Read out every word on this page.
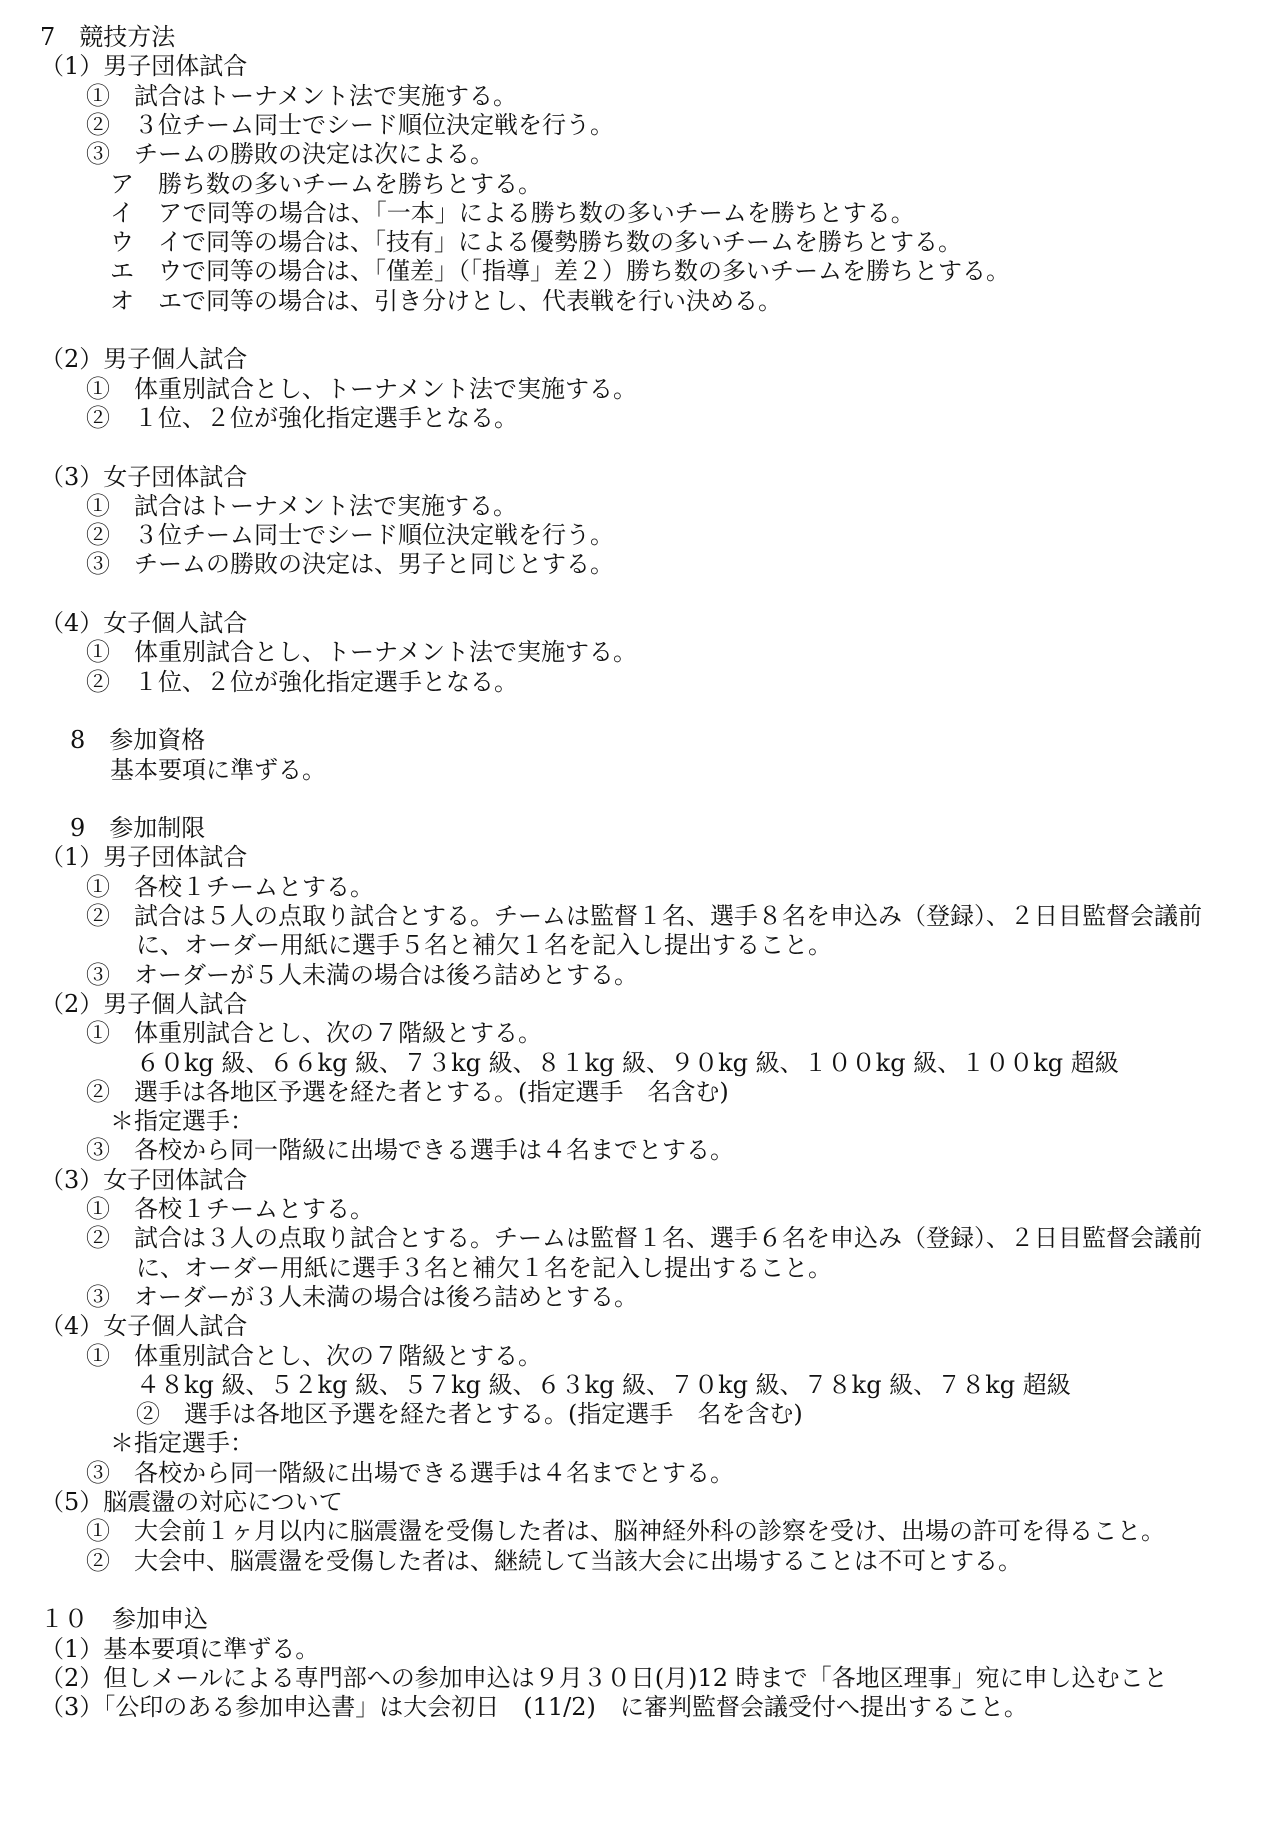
7　競技方法
（1）男子団体試合
①　試合はトーナメント法で実施する。
②　３位チーム同士でシード順位決定戦を行う。
③　チームの勝敗の決定は次による。
ア　勝ち数の多いチームを勝ちとする。
イ　アで同等の場合は、「一本」による勝ち数の多いチームを勝ちとする。
ウ　イで同等の場合は、「技有」による優勢勝ち数の多いチームを勝ちとする。
エ　ウで同等の場合は、「僅差」（「指導」差２）勝ち数の多いチームを勝ちとする。
オ　エで同等の場合は、引き分けとし、代表戦を行い決める。
（2）男子個人試合
①　体重別試合とし、トーナメント法で実施する。
②　１位、２位が強化指定選手となる。
（3）女子団体試合
①　試合はトーナメント法で実施する。
②　３位チーム同士でシード順位決定戦を行う。
③　チームの勝敗の決定は、男子と同じとする。
（4）女子個人試合
①　体重別試合とし、トーナメント法で実施する。
②　１位、２位が強化指定選手となる。
8　参加資格
基本要項に準ずる。
9　参加制限
（1）男子団体試合
①　各校１チームとする。
②　試合は５人の点取り試合とする。チームは監督１名、選手８名を申込み（登録）、２日目監督会議前
に、オーダー用紙に選手５名と補欠１名を記入し提出すること。
③　オーダーが５人未満の場合は後ろ詰めとする。
（2）男子個人試合
①　体重別試合とし、次の７階級とする。
６０kg 級、６６kg 級、７３kg 級、８１kg 級、９０kg 級、１００kg 級、１００kg 超級
②　選手は各地区予選を経た者とする。(指定選手　名含む)
＊指定選手：
③　各校から同一階級に出場できる選手は４名までとする。
（3）女子団体試合
①　各校１チームとする。
②　試合は３人の点取り試合とする。チームは監督１名、選手６名を申込み（登録）、２日目監督会議前
に、オーダー用紙に選手３名と補欠１名を記入し提出すること。
③　オーダーが３人未満の場合は後ろ詰めとする。
（4）女子個人試合
①　体重別試合とし、次の７階級とする。
４８kg 級、５２kg 級、５７kg 級、６３kg 級、７０kg 級、７８kg 級、７８kg 超級
②　選手は各地区予選を経た者とする。(指定選手　名を含む)
＊指定選手：
③　各校から同一階級に出場できる選手は４名までとする。
（5）脳震盪の対応について
①　大会前１ヶ月以内に脳震盪を受傷した者は、脳神経外科の診察を受け、出場の許可を得ること。
②　大会中、脳震盪を受傷した者は、継続して当該大会に出場することは不可とする。
１０　参加申込
（1）基本要項に準ずる。
（2）但しメールによる専門部への参加申込は９月３０日(月)12 時まで「各地区理事」宛に申し込むこと
（3）「公印のある参加申込書」は大会初日　(11/2)　に審判監督会議受付へ提出すること。
